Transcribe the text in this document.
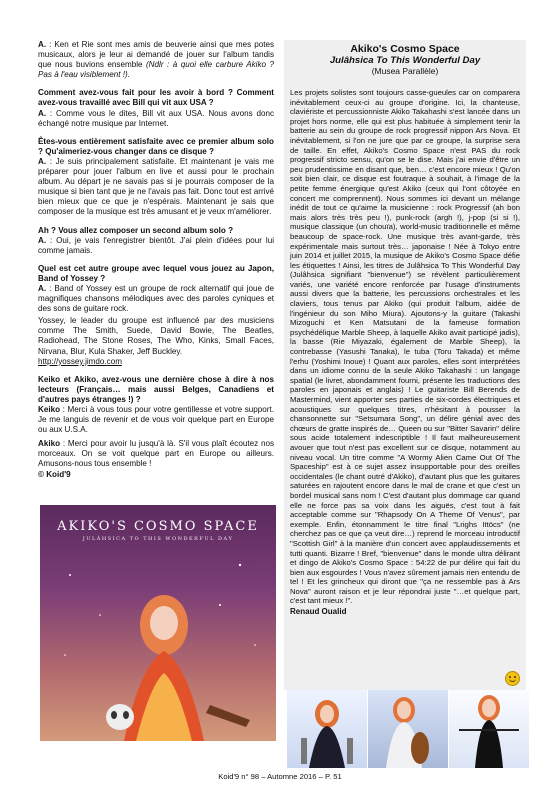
A. : Ken et Rie sont mes amis de beuverie ainsi que mes potes musicaux, alors je leur ai demandé de jouer sur l'album tandis que nous buvions ensemble (Ndlr : à quoi elle carbure Akiko ? Pas à l'eau visiblement !).

Comment avez-vous fait pour les avoir à bord ? Comment avez-vous travaillé avec Bill qui vit aux USA ?
A. : Comme vous le dites, Bill vit aux USA. Nous avons donc échangé notre musique par Internet.

Êtes-vous entièrement satisfaite avec ce premier album solo ? Qu'aimeriez-vous changer dans ce disque ?
A. : Je suis principalement satisfaite. Et maintenant je vais me préparer pour jouer l'album en live et aussi pour le prochain album. Au départ je ne savais pas si je pourrais composer de la musique si bien tant que je ne l'avais pas fait. Donc tout est arrivé bien mieux que ce que je n'espérais. Maintenant je sais que composer de la musique est très amusant et je veux m'améliorer.

Ah ? Vous allez composer un second album solo ?
A. : Oui, je vais l'enregistrer bientôt. J'ai plein d'idées pour lui comme jamais.

Quel est cet autre groupe avec lequel vous jouez au Japon, Band of Yossey ?
A. : Band of Yossey est un groupe de rock alternatif qui joue de magnifiques chansons mélodiques avec des paroles cyniques et des sons de guitare rock.

Yossey, le leader du groupe est influencé par des musiciens comme The Smith, Suede, David Bowie, The Beatles, Radiohead, The Stone Roses, The Who, Kinks, Small Faces, Nirvana, Blur, Kula Shaker, Jeff Buckley.

http://yossey.jimdo.com

Keiko et Akiko, avez-vous une dernière chose à dire à nos lecteurs (Français… mais aussi Belges, Canadiens et d'autres pays étranges !) ?
Keiko : Merci à vous tous pour votre gentillesse et votre support. Je me languis de revenir et de vous voir quelque part en Europe ou aux U.S.A.

Akiko : Merci pour avoir lu jusqu'à là. S'il vous plaît écoutez nos morceaux. On se voit quelque part en Europe ou ailleurs. Amusons-nous tous ensemble !

© Koid'9

AKIKO'S COSMO SPACE
JULÂHSICA TO THIS WONDERFUL DAY
Akiko's Cosmo Space
Julâhsica To This Wonderful Day
(Musea Parallèle)
Les projets solistes sont toujours casse-gueules car on comparera inévitablement ceux-ci au groupe d'origine. Ici, la chanteuse, claviériste et percussionniste Akiko Takahashi s'est lancée dans un projet hors norme, elle qui est plus habituée à simplement tenir la batterie au sein du groupe de rock progressif nippon Ars Nova. Et inévitablement, si l'on ne jure que par ce groupe, la surprise sera de taille. En effet, Akiko's Cosmo Space n'est PAS du rock progressif stricto sensu, qu'on se le dise. Mais j'ai envie d'être un peu prudentissime en disant que, ben… c'est encore mieux ! Qu'on soit bien clair, ce disque est foutraque à souhait, à l'image de la petite femme énergique qu'est Akiko (ceux qui l'ont côtoyée en concert me comprennent). Nous sommes ici devant un mélange inédit de tout ce qu'aime la musicienne : rock Progressif (ah bon mais alors très très peu !), punk-rock (argh !), j-pop (si si !), musique classique (un chouïa), world-music traditionnelle et même beaucoup de space-rock. Une musique très avant-garde, très expérimentale mais surtout très… japonaise ! Née à Tokyo entre juin 2014 et juillet 2015, la musique de Akiko's Cosmo Space défie les étiquettes ! Ainsi, les titres de Julâhsica To This Wonderful Day (Julâhsica signifiant "bienvenue") se révèlent particulièrement variés, une variété encore renforcée par l'usage d'instruments aussi divers que la batterie, les percussions orchestrales et les claviers, tous tenus par Akiko (qui produit l'album, aidée de l'ingénieur du son Miho Miura). Ajoutons-y la guitare (Takashi Mizoguchi et Ken Matsutani de la fameuse formation psychédélique Marble Sheep, à laquelle Akiko avait participé jadis), la basse (Rie Miyazaki, également de Marble Sheep), la contrebasse (Yasushi Tanaka), le tuba (Toru Takada) et même l'erhu (Yoshimi Inoue) ! Quant aux paroles, elles sont interprétées dans un idiome connu de la seule Akiko Takahashi : un langage spatial (le livret, abondamment fourni, présente les traductions des paroles en japonais et anglais) ! Le guitariste Bill Berends de Mastermind, vient apporter ses parties de six-cordes électriques et acoustiques sur quelques titres, n'hésitant à pousser la chansonnette sur "Setsumara Song", un délire génial avec des chœurs de gratte inspirés de… Queen ou sur "Bitter Savarin" délire sous acide totalement indescriptible ! Il faut malheureusement avouer que tout n'est pas excellent sur ce disque, notamment au niveau vocal. Un titre comme "A Wormy Alien Came Out Of The Spaceship" est à ce sujet assez insupportable pour des oreilles occidentales (le chant outré d'Akiko), d'autant plus que les guitares saturées en rajoutent encore dans le mal de crane et que c'est un bordel musical sans nom ! C'est d'autant plus dommage car quand elle ne force pas sa voix dans les aiguës, c'est tout à fait acceptable comme sur "Rhapsody On A Theme Of Venus", par exemple. Enfin, étonnamment le titre final "Lrighs Ittöcs" (ne cherchez pas ce que ça veut dire…) reprend le morceau introductif "Scottish Girl" à la manière d'un concert avec applaudissements et tutti quanti. Bizarre ! Bref, "bienvenue" dans le monde ultra délirant et dingo de Akiko's Cosmo Space : 54:22 de pur délire qui fait du bien aux esgourdes ! Vous n'avez sûrement jamais rien entendu de tel ! Et les grincheux qui diront que "ça ne ressemble pas à Ars Nova" auront raison et je leur répondrai juste "…et quelque part, c'est tant mieux !".
Renaud Oualid
Koid'9 n° 98 – Automne 2016 – P. 51
